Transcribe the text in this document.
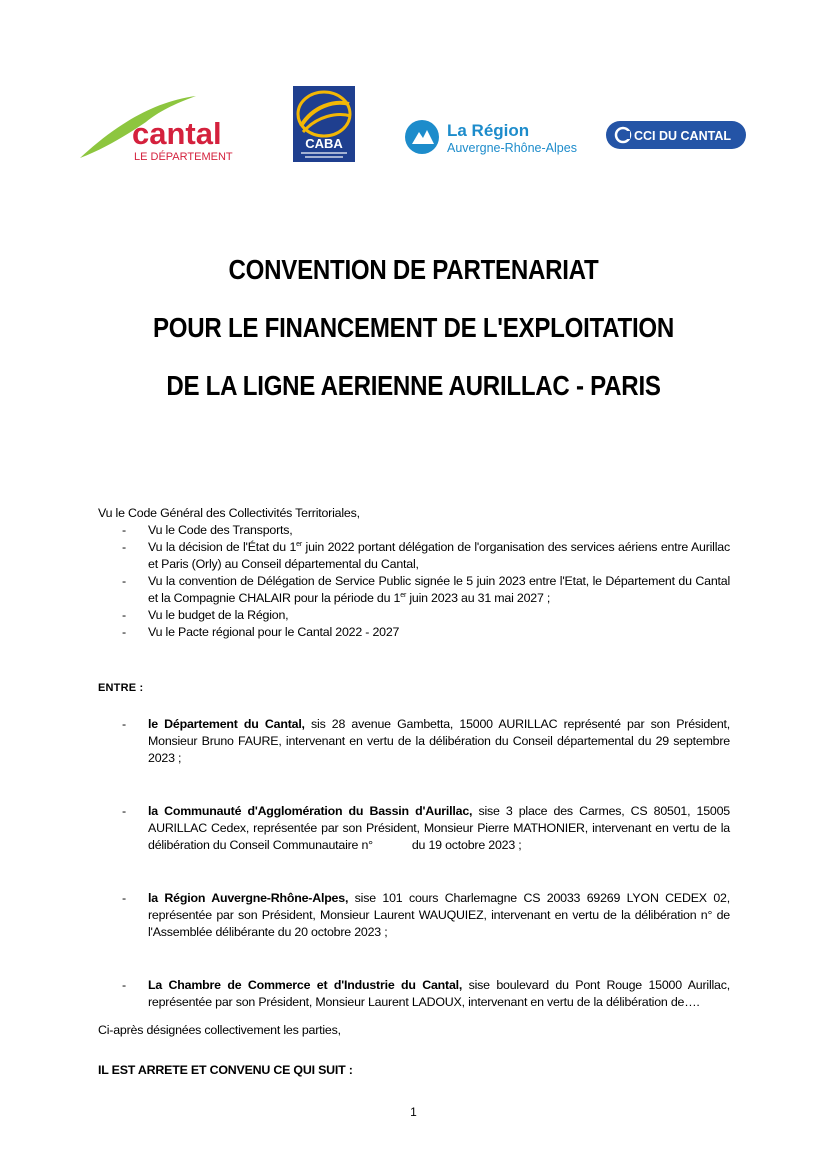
cantal
LE DÉPARTEMENT
CABA
La Région
Auvergne-Rhône-Alpes
CCI DU CANTAL
CONVENTION DE PARTENARIAT
POUR LE FINANCEMENT DE L'EXPLOITATION
DE LA LIGNE AERIENNE AURILLAC - PARIS
Vu le Code Général des Collectivités Territoriales,
- Vu le Code des Transports,
- Vu la décision de l'État du 1er juin 2022 portant délégation de l'organisation des services aériens entre Aurillac et Paris (Orly) au Conseil départemental du Cantal,
- Vu la convention de Délégation de Service Public signée le 5 juin 2023 entre l'Etat, le Département du Cantal et la Compagnie CHALAIR pour la période du 1er juin 2023 au 31 mai 2027 ;
- Vu le budget de la Région,
- Vu le Pacte régional pour le Cantal 2022 - 2027
ENTRE :
- le Département du Cantal, sis 28 avenue Gambetta, 15000 AURILLAC représenté par son Président, Monsieur Bruno FAURE, intervenant en vertu de la délibération du Conseil départemental du 29 septembre 2023 ;
- la Communauté d'Agglomération du Bassin d'Aurillac, sise 3 place des Carmes, CS 80501, 15005 AURILLAC Cedex, représentée par son Président, Monsieur Pierre MATHONIER, intervenant en vertu de la délibération du Conseil Communautaire n°            du 19 octobre 2023 ;
- la Région Auvergne-Rhône-Alpes, sise 101 cours Charlemagne CS 20033 69269 LYON CEDEX 02, représentée par son Président, Monsieur Laurent WAUQUIEZ, intervenant en vertu de la délibération n° de l'Assemblée délibérante du 20 octobre 2023 ;
- La Chambre de Commerce et d'Industrie du Cantal, sise boulevard du Pont Rouge 15000 Aurillac, représentée par son Président, Monsieur Laurent LADOUX, intervenant en vertu de la délibération de….
Ci-après désignées collectivement les parties,
IL EST ARRETE ET CONVENU CE QUI SUIT :
1
